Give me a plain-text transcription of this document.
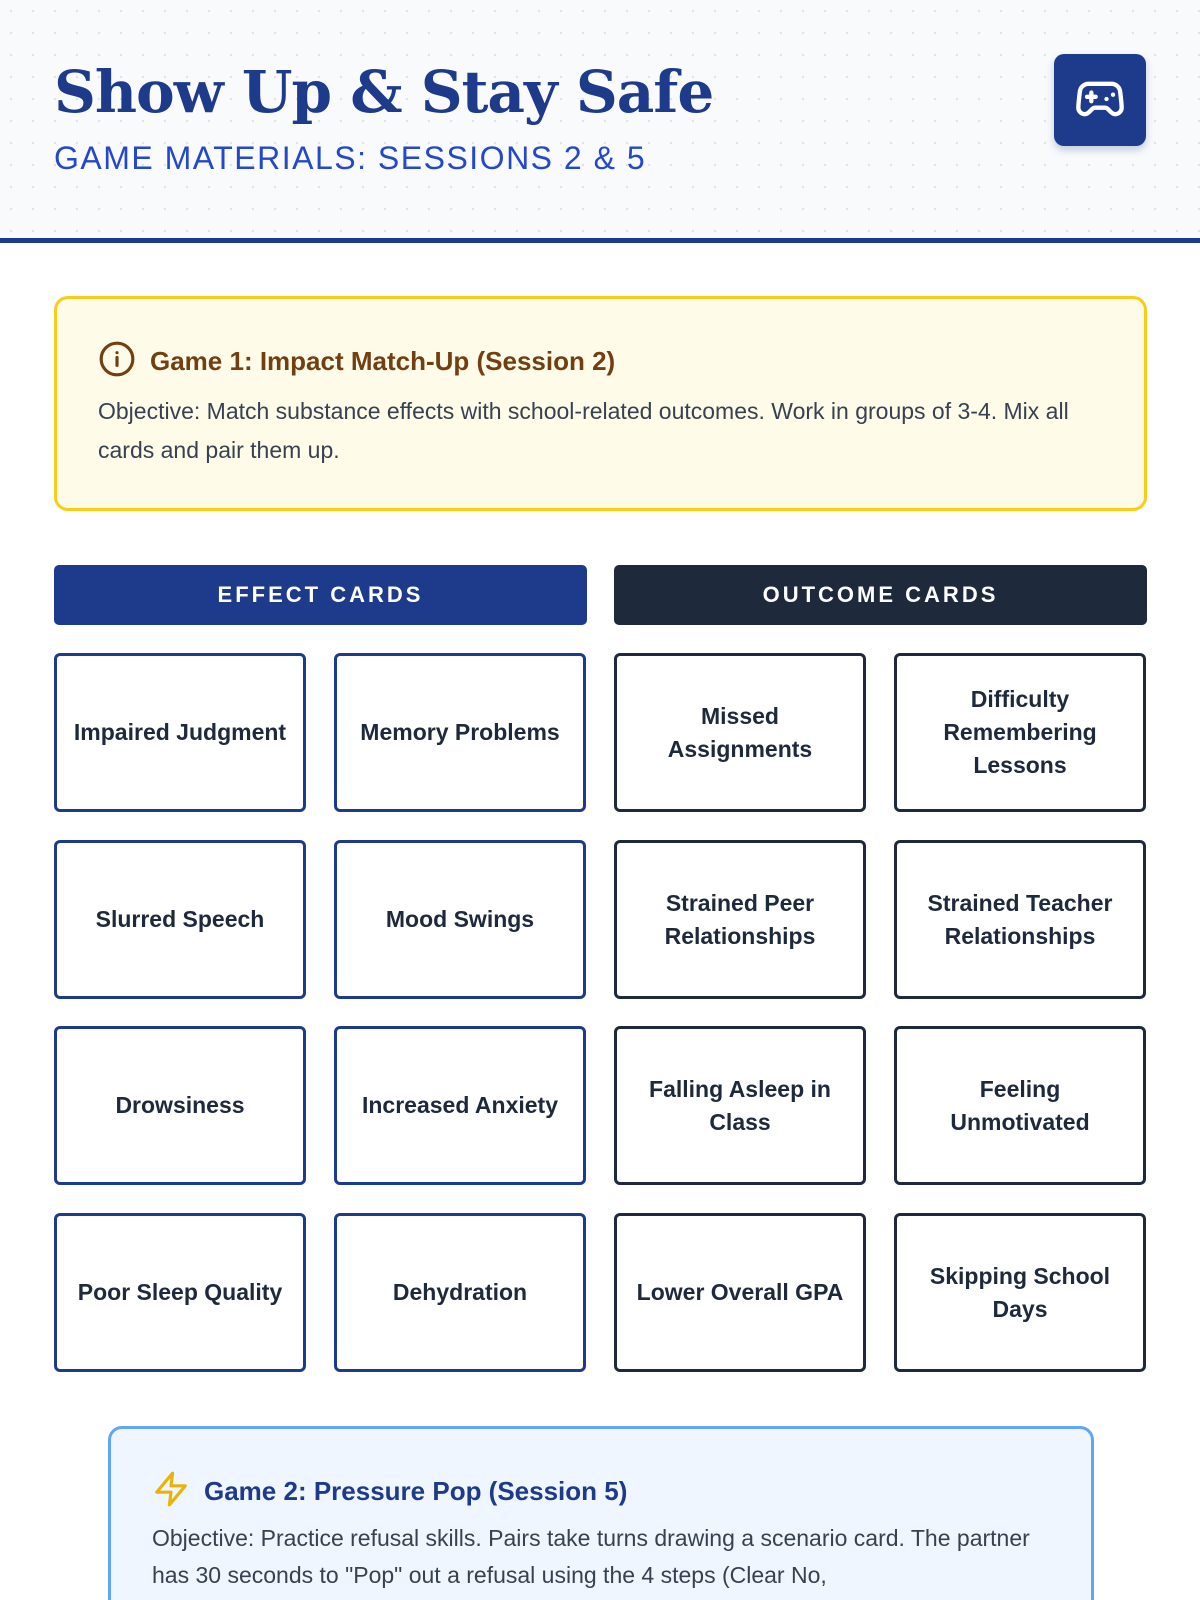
Show Up & Stay Safe
GAME MATERIALS: SESSIONS 2 & 5
Game 1: Impact Match-Up (Session 2)

Objective: Match substance effects with school-related outcomes. Work in groups of 3-4. Mix all cards and pair them up.

EFFECT CARDS	OUTCOME CARDS
Impaired Judgment	Memory Problems
Slurred Speech	Mood Swings
Drowsiness	Increased Anxiety
Poor Sleep Quality	Dehydration
Missed Assignments
Difficulty Remembering Lessons
Strained Peer Relationships
Strained Teacher Relationships
Falling Asleep in Class
Feeling Unmotivated
Lower Overall GPA
Skipping School Days
Game 2: Pressure Pop (Session 5)

Objective: Practice refusal skills. Pairs take turns drawing a scenario card. The partner has 30 seconds to "Pop" out a refusal using the 4 steps (Clear No,
